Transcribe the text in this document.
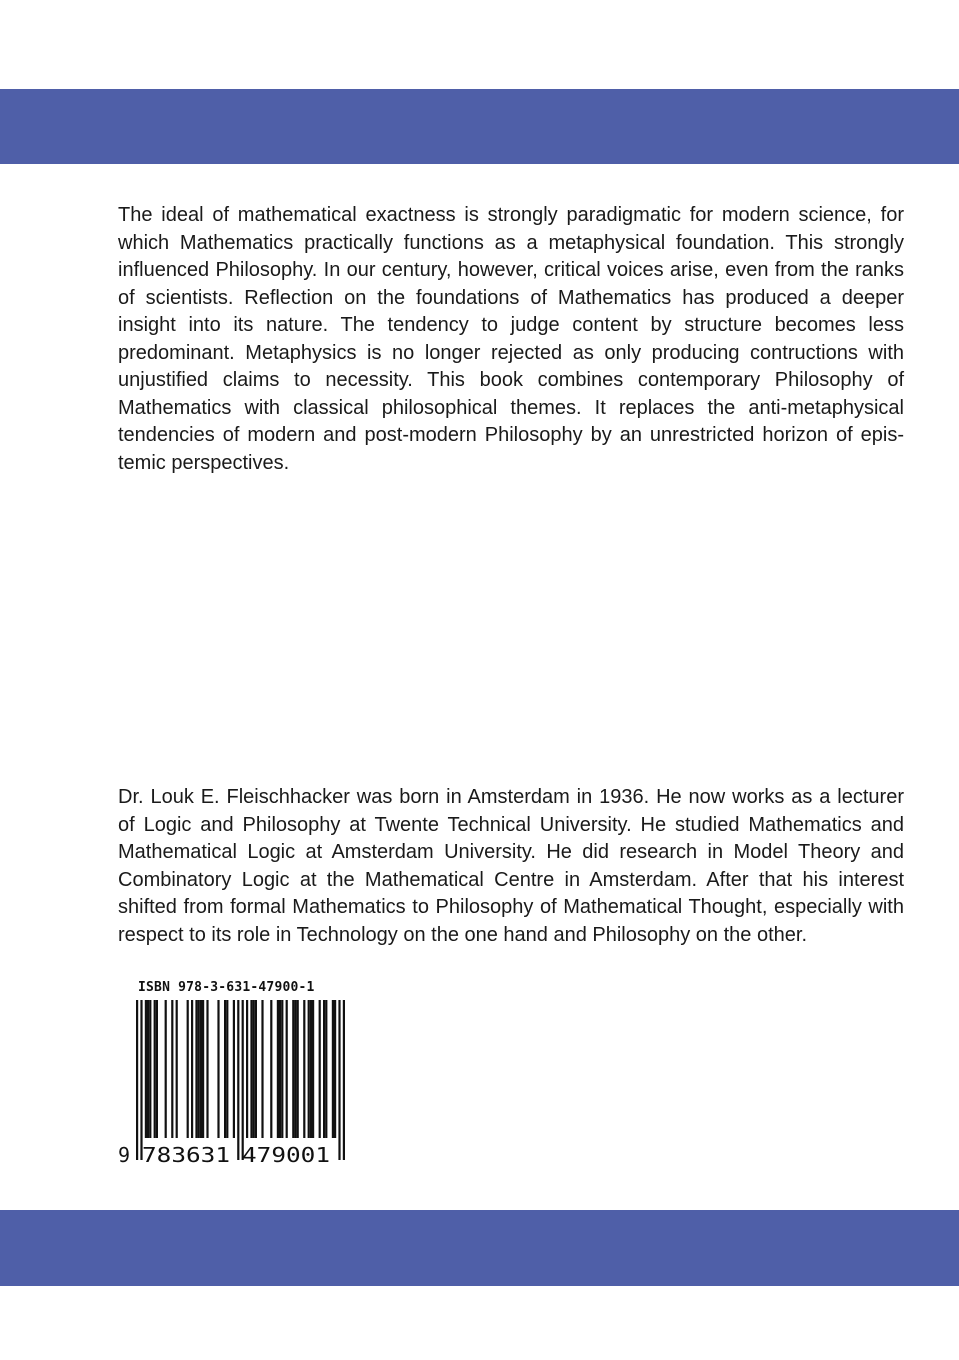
The ideal of mathematical exactness is strongly paradigmatic for modern science, for which Mathematics practically functions as a metaphysical foundation. This strongly influenced Philosophy. In our century, however, critical voices arise, even from the ranks of scientists. Reflection on the foundations of Mathematics has produced a deeper insight into its nature. The tendency to judge content by structure becomes less predominant. Metaphysics is no longer rejected as only producing contructions with unjustified claims to necessity. This book combines contemporary Philosophy of Mathematics with classical philosophical themes. It replaces the anti-metaphysical tendencies of modern and post-modern Philosophy by an unrestricted horizon of epistemic perspectives.

Dr. Louk E. Fleischhacker was born in Amsterdam in 1936. He now works as a lecturer of Logic and Philosophy at Twente Technical University. He studied Mathematics and Mathematical Logic at Amsterdam University. He did research in Model Theory and Combinatory Logic at the Mathematical Centre in Amsterdam. After that his interest shifted from formal Mathematics to Philosophy of Mathematical Thought, especially with respect to its role in Technology on the one hand and Philosophy on the other.

ISBN 978-3-631-47900-1
9 783631 479001
